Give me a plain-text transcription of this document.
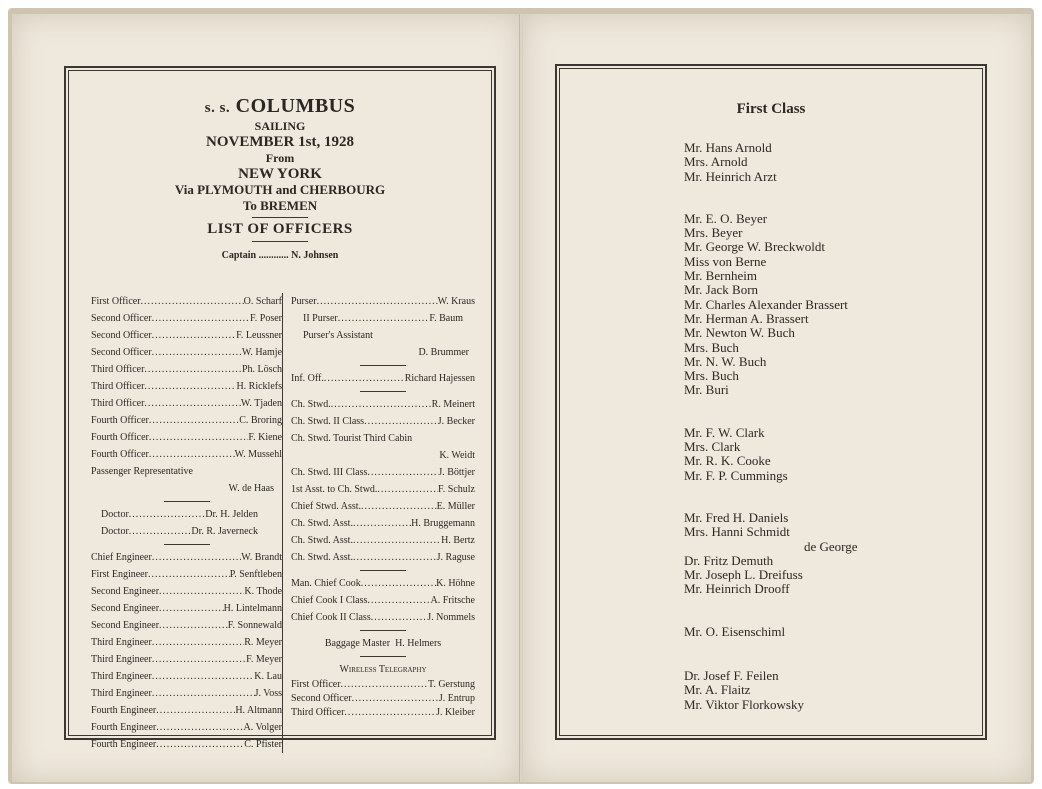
s. s. COLUMBUS
SAILING
NOVEMBER 1st, 1928
From
NEW YORK
Via PLYMOUTH and CHERBOURG
To BREMEN
LIST OF OFFICERS
Captain ............ N. Johnsen
First Officer .....	O. Scharf
Second Officer .....	F. Poser
Second Officer .....	F. Leussner
Second Officer .....	W. Hamje
Third Officer .....	Ph. Lösch
Third Officer .....	H. Ricklefs
Third Officer .....	W. Tjaden
Fourth Officer .....	C. Broring
Fourth Officer .....	F. Kiene
Fourth Officer .....	W. Mussehl
Passenger Representative
W. de Haas
Doctor .....	Dr. H. Jelden
Doctor .....	Dr. R. Javerneck
Chief Engineer .....	W. Brandt
First Engineer .....	P. Senftleben
Second Engineer .....	K. Thode
Second Engineer .....	H. Lintelmann
Second Engineer .....	F. Sonnewald
Third Engineer .....	R. Meyer
Third Engineer .....	F. Meyer
Third Engineer .....	K. Lau
Third Engineer .....	J. Voss
Fourth Engineer .....	H. Altmann
Fourth Engineer .....	A. Volger
Fourth Engineer .....	C. Pfister
Purser .....	W. Kraus
II Purser .....	F. Baum
Purser's Assistant
D. Brummer
Inf. Off. .....	Richard Hajessen
Ch. Stwd. .....	R. Meinert
Ch. Stwd. II Class .....	J. Becker
Ch. Stwd. Tourist Third Cabin
K. Weidt
Ch. Stwd. III Class .....	J. Böttjer
1st Asst. to Ch. Stwd. .....	F. Schulz
Chief Stwd. Asst. .....	E. Müller
Ch. Stwd. Asst. .....	H. Bruggemann
Ch. Stwd. Asst. .....	H. Bertz
Ch. Stwd. Asst. .....	J. Raguse
Man. Chief Cook .....	K. Höhne
Chief Cook I Class .....	A. Fritsche
Chief Cook II Class .....	J. Nommels
Baggage Master H. Helmers
Wireless Telegraphy
First Officer .....	T. Gerstung
Second Officer .....	J. Entrup
Third Officer .....	J. Kleiber
First Class
Mr. Hans Arnold
Mrs. Arnold
Mr. Heinrich Arzt
Mr. E. O. Beyer
Mrs. Beyer
Mr. George W. Breckwoldt
Miss von Berne
Mr. Bernheim
Mr. Jack Born
Mr. Charles Alexander Brassert
Mr. Herman A. Brassert
Mr. Newton W. Buch
Mrs. Buch
Mr. N. W. Buch
Mrs. Buch
Mr. Buri
Mr. F. W. Clark
Mrs. Clark
Mr. R. K. Cooke
Mr. F. P. Cummings
Mr. Fred H. Daniels
Mrs. Hanni Schmidt
de George
Dr. Fritz Demuth
Mr. Joseph L. Dreifuss
Mr. Heinrich Drooff
Mr. O. Eisenschiml
Dr. Josef F. Feilen
Mr. A. Flaitz
Mr. Viktor Florkowsky
